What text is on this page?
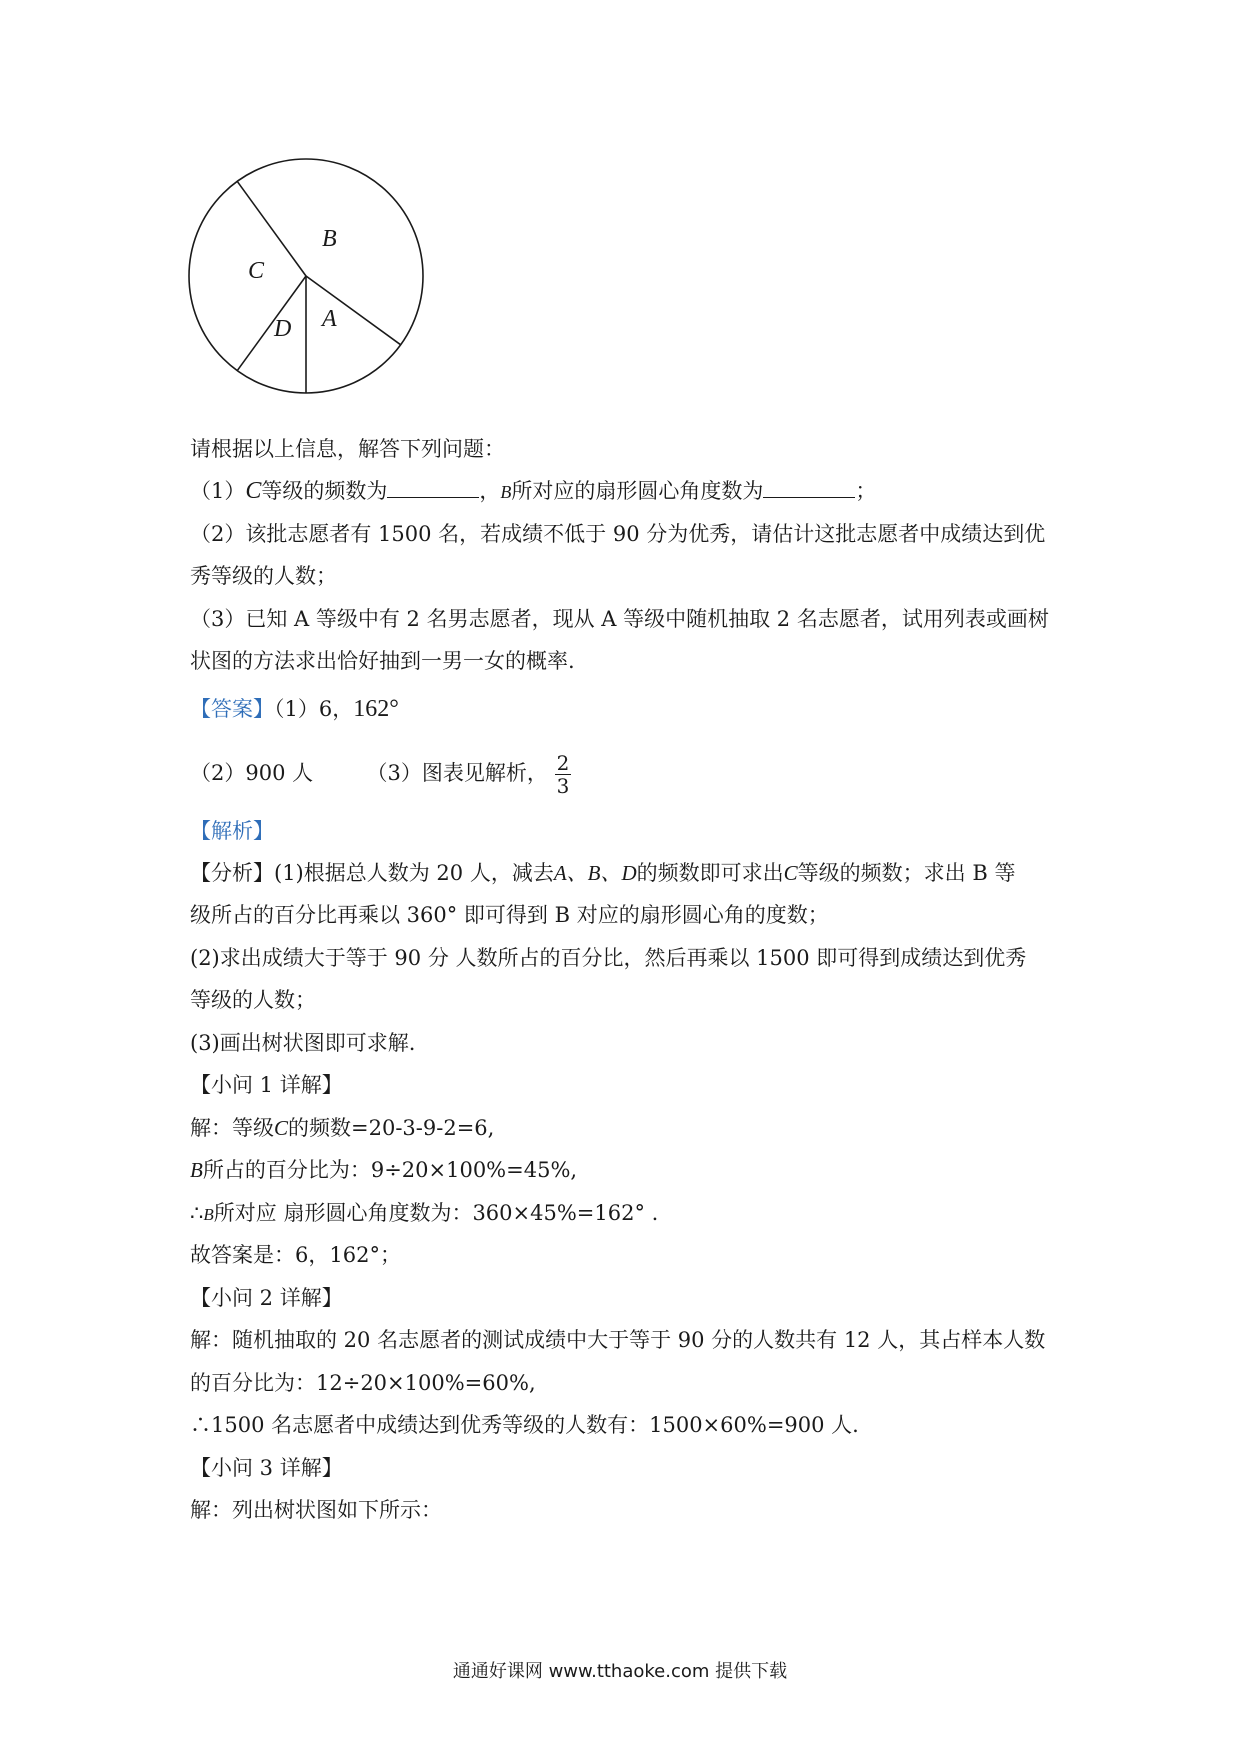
B
C
D A
请根据以上信息，解答下列问题：
（1）C等级的频数为	，B所对应的扇形圆心角度数为	；
（2）该批志愿者有 1500 名，若成绩不低于 90 分为优秀，请估计这批志愿者中成绩达到优
秀等级的人数；
（3）已知 A 等级中有 2 名男志愿者，现从 A 等级中随机抽取 2 名志愿者，试用列表或画树
状图的方法求出恰好抽到一男一女的概率.
【答案】（1）6，162°
（2）900 人	（3）图表见解析， $\frac{2}{3}$
【解析】
【分析】(1)根据总人数为 20 人，减去A、B、D的频数即可求出C等级的频数；求出 B 等
级所占的百分比再乘以 360° 即可得到 B 对应的扇形圆心角的度数；
(2)求出成绩大于等于 90 分 人数所占的百分比，然后再乘以 1500 即可得到成绩达到优秀
等级的人数；
(3)画出树状图即可求解.
【小问 1 详解】
解：等级C的频数=20-3-9-2=6,
B所占的百分比为：9÷20×100%=45%,
∴B所对应 扇形圆心角度数为：360×45%=162° .
故答案是：6，162°；
【小问 2 详解】
解：随机抽取的 20 名志愿者的测试成绩中大于等于 90 分的人数共有 12 人，其占样本人数
的百分比为：12÷20×100%=60%,
∴1500 名志愿者中成绩达到优秀等级的人数有：1500×60%=900 人.
【小问 3 详解】
解：列出树状图如下所示：
通通好课网 www.tthaoke.com 提供下载
